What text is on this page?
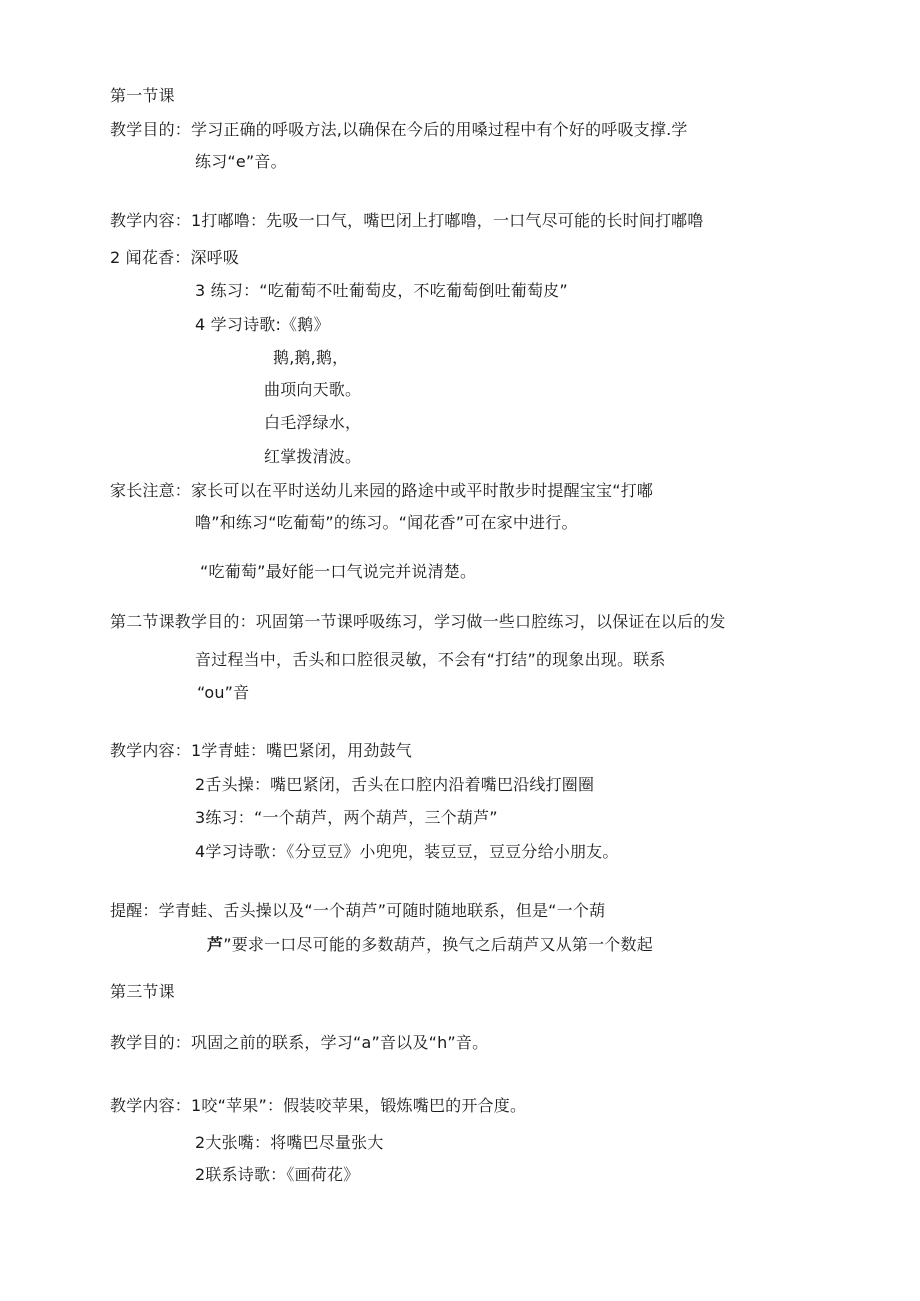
第一节课
教学目的：学习正确的呼吸方法,以确保在今后的用嗓过程中有个好的呼吸支撑.学
练习“e”音。
教学内容：1打嘟噜：先吸一口气，嘴巴闭上打嘟噜，一口气尽可能的长时间打嘟噜
2 闻花香：深呼吸
3 练习：“吃葡萄不吐葡萄皮，不吃葡萄倒吐葡萄皮”
4 学习诗歌:《鹅》
鹅,鹅,鹅，
曲项向天歌。
白毛浮绿水，
红掌拨清波。
家长注意：家长可以在平时送幼儿来园的路途中或平时散步时提醒宝宝“打嘟
噜”和练习“吃葡萄”的练习。“闻花香”可在家中进行。
“吃葡萄”最好能一口气说完并说清楚。
第二节课教学目的：巩固第一节课呼吸练习，学习做一些口腔练习，以保证在以后的发
音过程当中，舌头和口腔很灵敏，不会有“打结”的现象出现。联系
“ou”音
教学内容：1学青蛙：嘴巴紧闭，用劲鼓气
2舌头操：嘴巴紧闭，舌头在口腔内沿着嘴巴沿线打圈圈
3练习：“一个葫芦，两个葫芦，三个葫芦”
4学习诗歌：《分豆豆》小兜兜，装豆豆，豆豆分给小朋友。
提醒：学青蛙、舌头操以及“一个葫芦”可随时随地联系，但是“一个葫
芦”要求一口尽可能的多数葫芦，换气之后葫芦又从第一个数起
第三节课
教学目的：巩固之前的联系，学习“a”音以及“h”音。
教学内容：1咬“苹果”：假装咬苹果，锻炼嘴巴的开合度。
2大张嘴：将嘴巴尽量张大
2联系诗歌：《画荷花》
